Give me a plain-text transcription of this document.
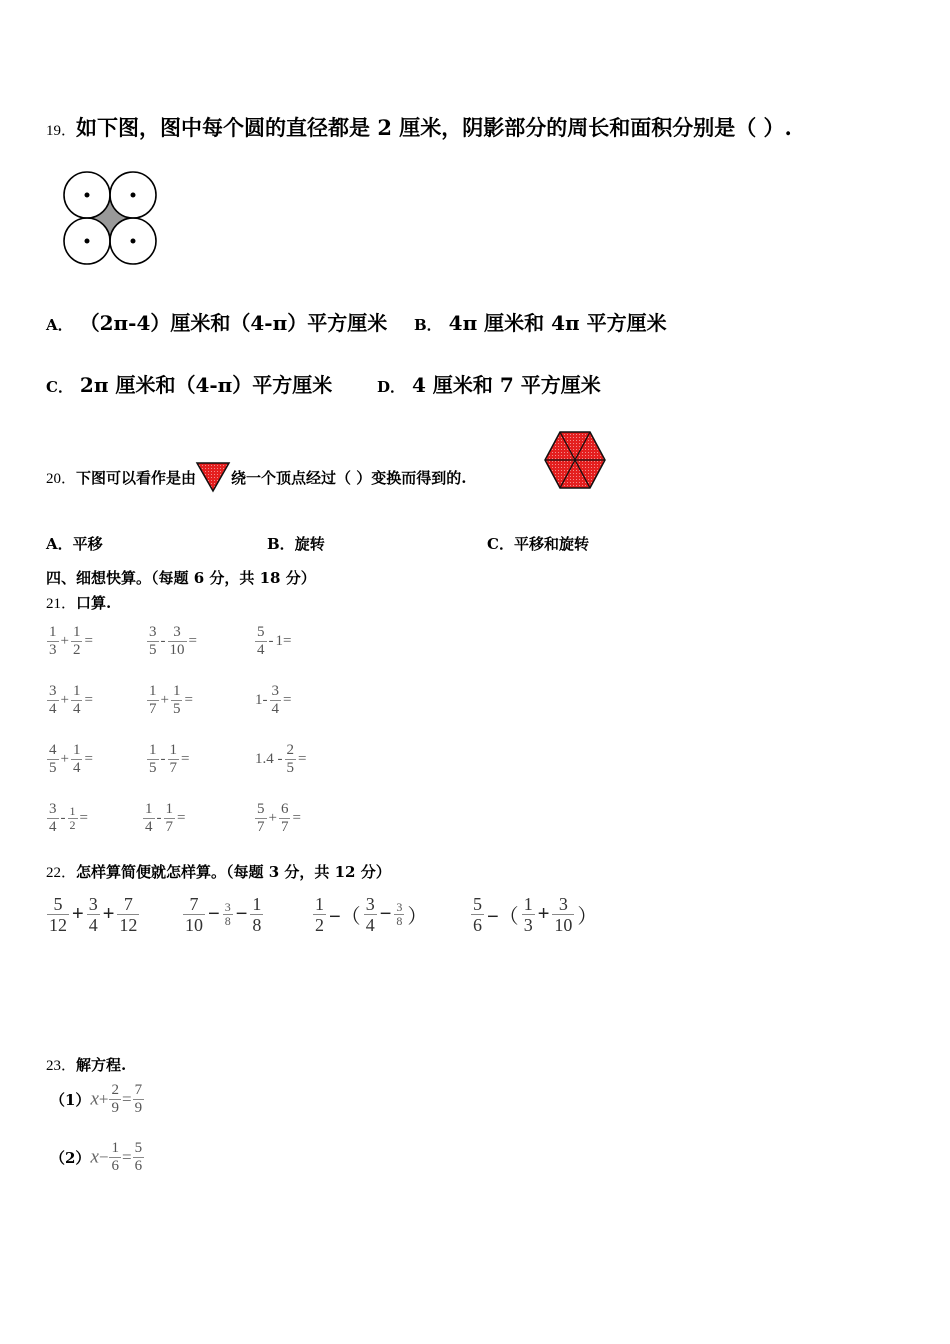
19．如下图，图中每个圆的直径都是 2 厘米，阴影部分的周长和面积分别是（ ）.
A． （2π-4）厘米和（4-π）平方厘米 B． 4π 厘米和 4π 平方厘米
C． 2π 厘米和（4-π）平方厘米	D． 4 厘米和 7 平方厘米
20． 下图可以看作是由 绕一个顶点经过（ ）变换而得到的.
A．平移	B．旋转	C．平移和旋转
四、细想快算。（每题 6 分，共 18 分）
21．口算.
$\frac{1}{3} + \frac{1}{2}$ =	$\frac{3}{5} - \frac{3}{10}$ =	$\frac{5}{4} - 1=$
$\frac{3}{4} + \frac{1}{4}$ =	$\frac{1}{7} + \frac{1}{5}$ =	$1- \frac{3}{4}$ =
$\frac{4}{5} + \frac{1}{4}$ =	$\frac{1}{5} - \frac{1}{7}$ =	$1.4 - \frac{2}{5}$ =
$\frac{3}{4} - \frac{1}{2}$ =	$\frac{1}{4} - \frac{1}{7}$ =	$\frac{5}{7} + \frac{6}{7}$ =
22．怎样算简便就怎样算。（每题 3 分，共 12 分）
$\frac{5}{12} + \frac{3}{4} + \frac{7}{12} \frac{7}{10} - \frac{3}{8} - \frac{1}{8}$	$\frac{1}{2}$ −（ $\frac{3}{4} - \frac{3}{8}$ ） $\frac{5}{6}$ −（ $\frac{1}{3} + \frac{3}{10}$ ）
23．解方程.
$(1)x+ \frac{2}{9} = \frac{7}{9}$
$(2)x- \frac{1}{6} = \frac{5}{6}$
